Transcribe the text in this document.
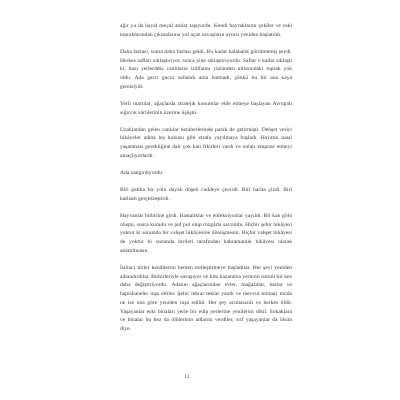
ağır ya da hayal meyal anılar taşıyordu. Kendi bayraklarını çekiler ve eski topraklarından çıkmalarına yol açan savaşların aynısı yeniden başlatıldı.

Daha fazlası, sonra daha fazlası geldi. Bu kadar kalabalık görülmemiş şeydi. Herkes safları sıklaştırıyor, sonra yine sıklaştırıyordu. Saflar o kadar sıklaştı ki, bazı yerlerdeki canlıların izdihamı yüzünden altlarındaki toprak yok oldu. Ada gacır gucur sallandı ama batmadı, çünkü bu bir ana kaya gemisiydi.

Yerli martılar, ağaçlarda stratejik konumlar elde etmeye başlayan Avrupalı sığırcık sürülerinin üzerine üşüştü.

Uzaklardan gelen canlılar beraberlerinde panik de getirmişti. Dehşet verici hikâyeler adeta leş kokusu gibi etrafa yayılmaya başladı. Hayatın nasıl yaşanması gerektiğine dair çok katı fikirleri vardı ve onları empoze etmeyi amaçlıyorlardı.

Ada zangırdıyordu.

Biri patika bir yolu dayalı döşeli caddeye çevirdi. Biri harita çizdi. Biri katliam gerçekleştirdi.

Hayvanlar birbirine girdi. Hastalıklar ve enfeksiyonlar yayıldı. Bir kan gölü oluştu, sonra kurudu ve pul pul olup rüzgârla savruldu. Hiçbir şehir hikâyesi yoktur ki sonunda bir vahşet hikâyesine dönüşmesin. Hiçbir vahşet hikâyesi de yoktur ki sonunda birileri tarafından kahramanlık hikâyesi olarak anlatılmasın.

İstilacı türler kendilerini hemen mitleştirmeye başladılar. Her şeyi yeniden adlandırdılar. Birbirleriyle savaşıyor ve kim kazanırsa yerlerin ismini bir kez daha değiştiriyordu. Adanın ağaçlarından evler, mağazalar, barlar ve hapishaneler inşa ettiler. Şehir tekrar tekrar yandı ve mevcut mimari moda ne ise ona göre yeniden inşa edildi. Her şey acımasızdı ve herkes öldü. Yaşayanlar eski binaları yerle bir edip yerlerine yenilerini dikti. Sokaklara ve binalar bu kez da ölülerinin adlarını verdiler, sırf yaşayanlar da ölsün diye.

12
